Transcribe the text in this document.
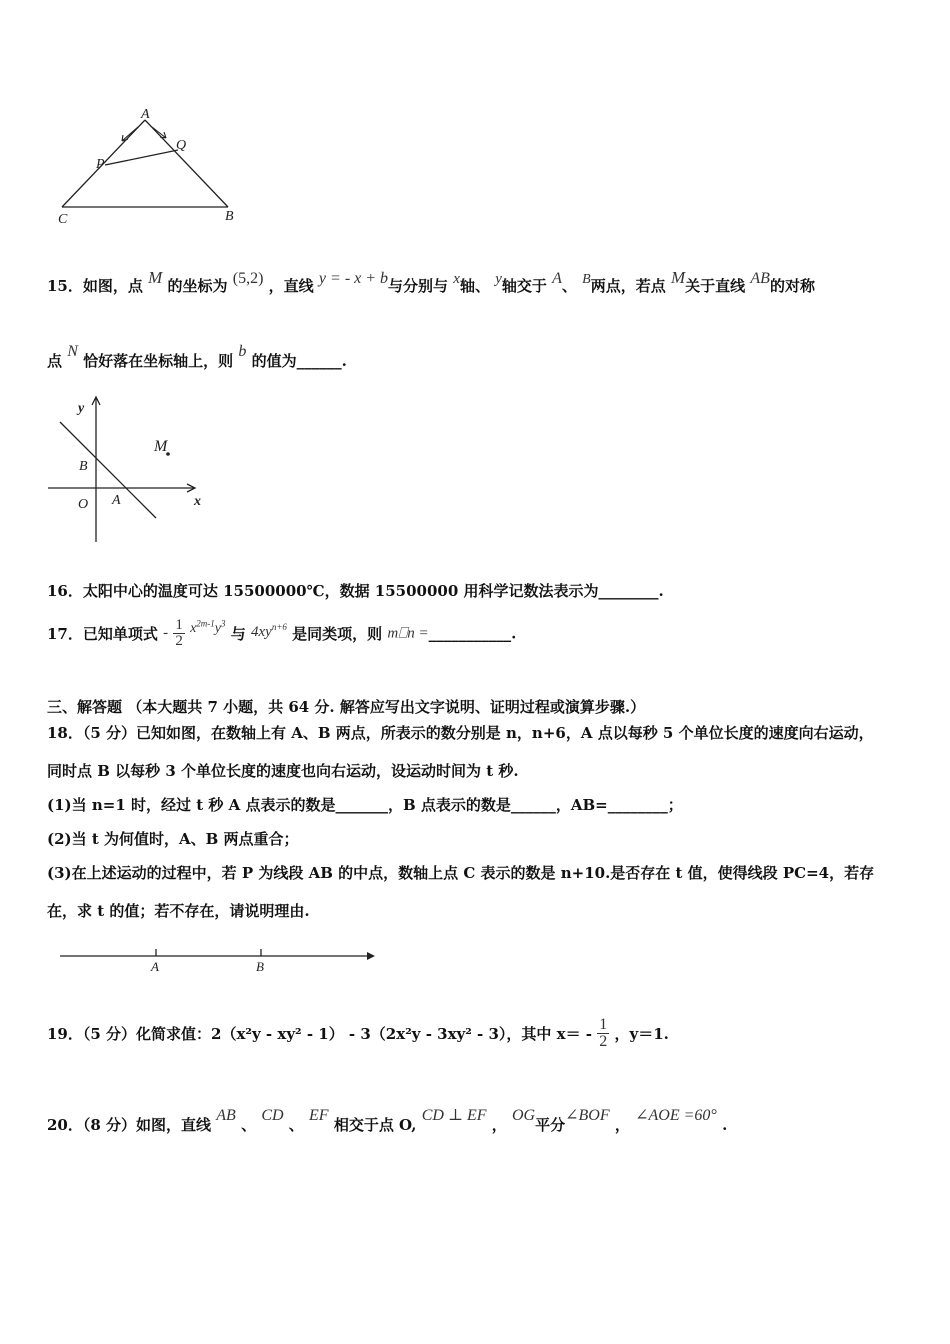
A
P
Q
C	B
15．如图，点 M 的坐标为 (5,2) ，直线 y = - x + b与分别与 x轴、 y轴交于 A、 B两点，若点 M关于直线 AB的对称
点 N 恰好落在坐标轴上，则 b 的值为______.
y
x
B
O A
M
16．太阳中心的温度可达 15500000℃，数据 15500000 用科学记数法表示为________.
17．已知单项式 - $\frac{1}{2} x^{2m-1}y^3$ 与 $4xy^{n+6}$ 是同类项，则 m⎕n =___________.
三、解答题 （本大题共 7 小题，共 64 分. 解答应写出文字说明、证明过程或演算步骤.）
18．（5 分）已知如图，在数轴上有 A、B 两点，所表示的数分别是 n，n+6，A 点以每秒 5 个单位长度的速度向右运动，
同时点 B 以每秒 3 个单位长度的速度也向右运动，设运动时间为 t 秒.
(1)当 n=1 时，经过 t 秒 A 点表示的数是_______，B 点表示的数是______，AB=________；
(2)当 t 为何值时，A、B 两点重合；
(3)在上述运动的过程中，若 P 为线段 AB 的中点，数轴上点 C 表示的数是 n+10.是否存在 t 值，使得线段 PC=4，若存
在，求 t 的值；若不存在，请说明理由.
A	B
19．（5 分）化简求值：2（x²y - xy² - 1） - 3（2x²y - 3xy² - 3），其中 $x= - \frac{1}{2}$ ，y＝1.
20．（8 分）如图，直线 AB 、 CD 、 EF 相交于点 O, CD ⊥ EF ， OG平分∠BOF ， ∠AOE =60° .
